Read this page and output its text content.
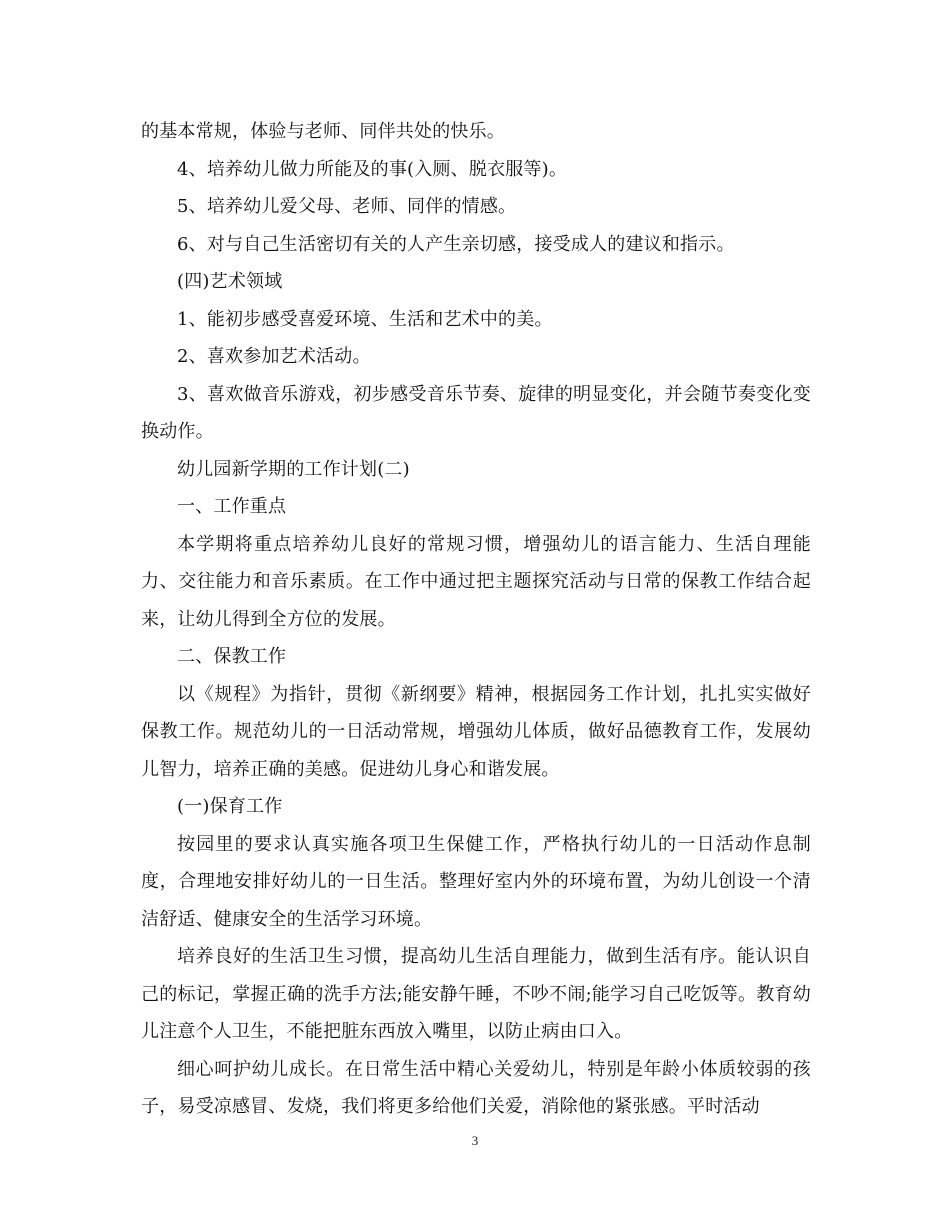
的基本常规，体验与老师、同伴共处的快乐。

4、培养幼儿做力所能及的事(入厕、脱衣服等)。

5、培养幼儿爱父母、老师、同伴的情感。

6、对与自己生活密切有关的人产生亲切感，接受成人的建议和指示。

(四)艺术领域

1、能初步感受喜爱环境、生活和艺术中的美。

2、喜欢参加艺术活动。

3、喜欢做音乐游戏，初步感受音乐节奏、旋律的明显变化，并会随节奏变化变换动作。

幼儿园新学期的工作计划(二)

一、工作重点

本学期将重点培养幼儿良好的常规习惯，增强幼儿的语言能力、生活自理能力、交往能力和音乐素质。在工作中通过把主题探究活动与日常的保教工作结合起来，让幼儿得到全方位的发展。

二、保教工作

以《规程》为指针，贯彻《新纲要》精神，根据园务工作计划，扎扎实实做好保教工作。规范幼儿的一日活动常规，增强幼儿体质，做好品德教育工作，发展幼儿智力，培养正确的美感。促进幼儿身心和谐发展。

(一)保育工作

按园里的要求认真实施各项卫生保健工作，严格执行幼儿的一日活动作息制度，合理地安排好幼儿的一日生活。整理好室内外的环境布置，为幼儿创设一个清洁舒适、健康安全的生活学习环境。

培养良好的生活卫生习惯，提高幼儿生活自理能力，做到生活有序。能认识自己的标记，掌握正确的洗手方法;能安静午睡，不吵不闹;能学习自己吃饭等。教育幼儿注意个人卫生，不能把脏东西放入嘴里，以防止病由口入。

细心呵护幼儿成长。在日常生活中精心关爱幼儿，特别是年龄小体质较弱的孩子，易受凉感冒、发烧，我们将更多给他们关爱，消除他的紧张感。平时活动

3
